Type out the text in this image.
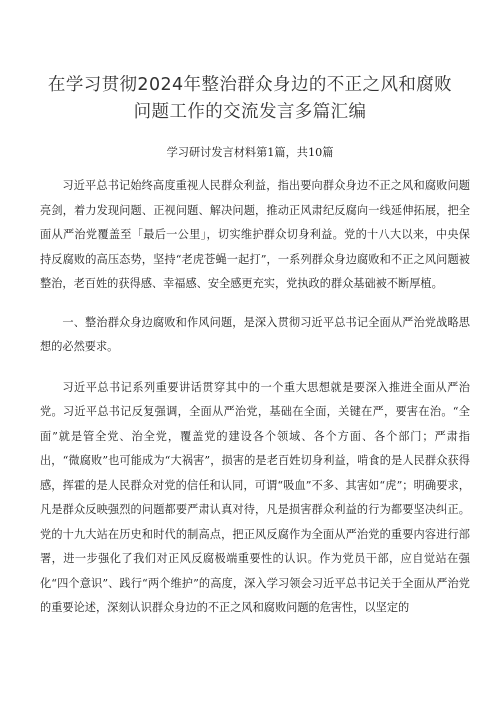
在学习贯彻2024年整治群众身边的不正之风和腐败
问题工作的交流发言多篇汇编
学习研讨发言材料第1篇，共10篇

习近平总书记始终高度重视人民群众利益，指出要向群众身边不正之风和腐败问题亮剑，着力发现问题、正视问题、解决问题，推动正风肃纪反腐向一线延伸拓展，把全面从严治党覆盖至「最后一公里」，切实维护群众切身利益。党的十八大以来，中央保持反腐败的高压态势，坚持“老虎苍蝇一起打”，一系列群众身边腐败和不正之风问题被整治，老百姓的获得感、幸福感、安全感更充实，党执政的群众基础被不断厚植。

一、整治群众身边腐败和作风问题，是深入贯彻习近平总书记全面从严治党战略思想的必然要求。

习近平总书记系列重要讲话贯穿其中的一个重大思想就是要深入推进全面从严治党。习近平总书记反复强调，全面从严治党，基础在全面，关键在严，要害在治。“全面”就是管全党、治全党，覆盖党的建设各个领域、各个方面、各个部门；严肃指出，“微腐败”也可能成为“大祸害”，损害的是老百姓切身利益，啃食的是人民群众获得感，挥霍的是人民群众对党的信任和认同，可谓“吸血”不多、其害如“虎”；明确要求，凡是群众反映强烈的问题都要严肃认真对待，凡是损害群众利益的行为都要坚决纠正。党的十九大站在历史和时代的制高点，把正风反腐作为全面从严治党的重要内容进行部署，进一步强化了我们对正风反腐极端重要性的认识。作为党员干部，应自觉站在强化“四个意识”、践行“两个维护”的高度，深入学习领会习近平总书记关于全面从严治党的重要论述，深刻认识群众身边的不正之风和腐败问题的危害性，以坚定的
